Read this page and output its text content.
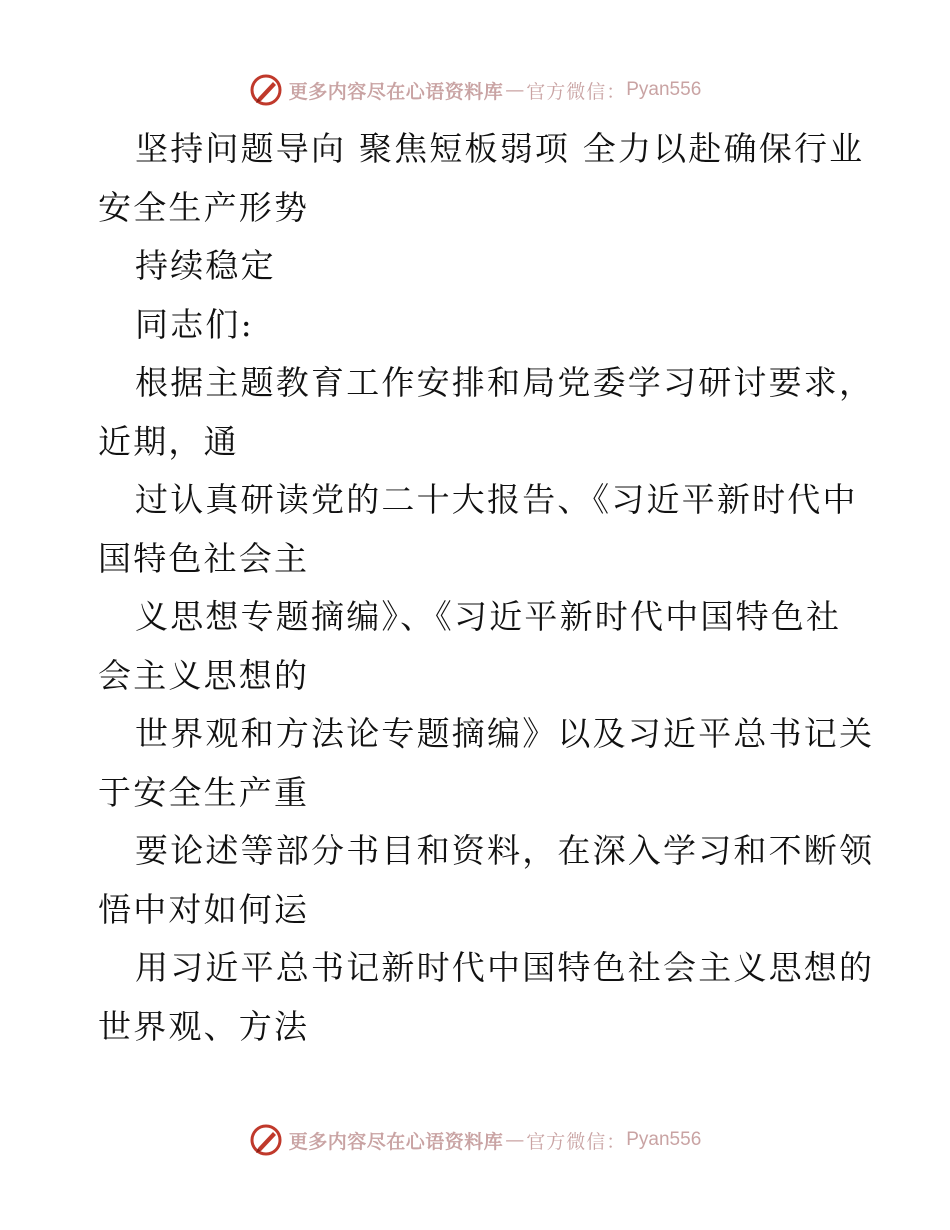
更多内容尽在心语资料库 — 官方微信： Pyan556
坚持问题导向 聚焦短板弱项 全力以赴确保行业
安全生产形势
持续稳定
同志们:
根据主题教育工作安排和局党委学习研讨要求，
近期，通
过认真研读党的二十大报告、《习近平新时代中
国特色社会主
义思想专题摘编》、《习近平新时代中国特色社
会主义思想的
世界观和方法论专题摘编》以及习近平总书记关
于安全生产重
要论述等部分书目和资料，在深入学习和不断领
悟中对如何运
用习近平总书记新时代中国特色社会主义思想的
世界观、方法
更多内容尽在心语资料库 — 官方微信： Pyan556
